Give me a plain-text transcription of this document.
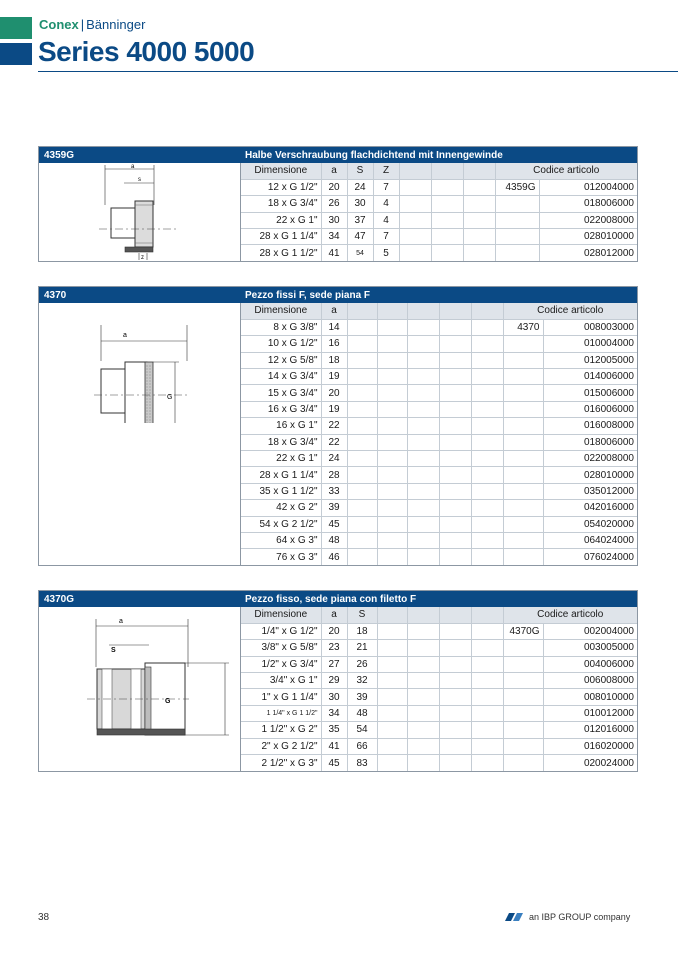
Conex | Bänninger
Series 4000 5000
4359G	Halbe Verschraubung flachdichtend mit Innengewinde
a
s
z
Dimensione	a	S	Z				Codice articolo	
12 x G 1/2"	20	24	7				4359G	012004000
18 x G 3/4"	26	30	4					018006000
22 x G 1"	30	37	4					022008000
28 x G 1 1/4"	34	47	7					028010000
28 x G 1 1/2"	41	54	5					028012000
4370	Pezzo fissi F, sede piana F
a
G
Dimensione	a						Codice articolo	
8 x G 3/8"	14						4370	008003000
10 x G 1/2"	16							010004000
12 x G 5/8"	18							012005000
14 x G 3/4"	19							014006000
15 x G 3/4"	20							015006000
16 x G 3/4"	19							016006000
16 x G 1"	22							016008000
18 x G 3/4"	22							018006000
22 x G 1"	24							022008000
28 x G 1 1/4"	28							028010000
35 x G 1 1/2"	33							035012000
42 x G 2"	39							042016000
54 x G 2 1/2"	45							054020000
64 x G 3"	48							064024000
76 x G 3"	46							076024000
4370G	Pezzo fisso, sede piana con filetto F
a
S
G
Dimensione	a	S					Codice articolo	
1/4" x G 1/2"	20	18					4370G	002004000
3/8" x G 5/8"	23	21						003005000
1/2" x G 3/4"	27	26						004006000
3/4" x G 1"	29	32						006008000
1" x G 1 1/4"	30	39						008010000
1 1/4" x G 1 1/2"	34	48						010012000
1 1/2" x G 2"	35	54						012016000
2" x G 2 1/2"	41	66						016020000
2 1/2" x G 3"	45	83						020024000
38	an IBP GROUP company
